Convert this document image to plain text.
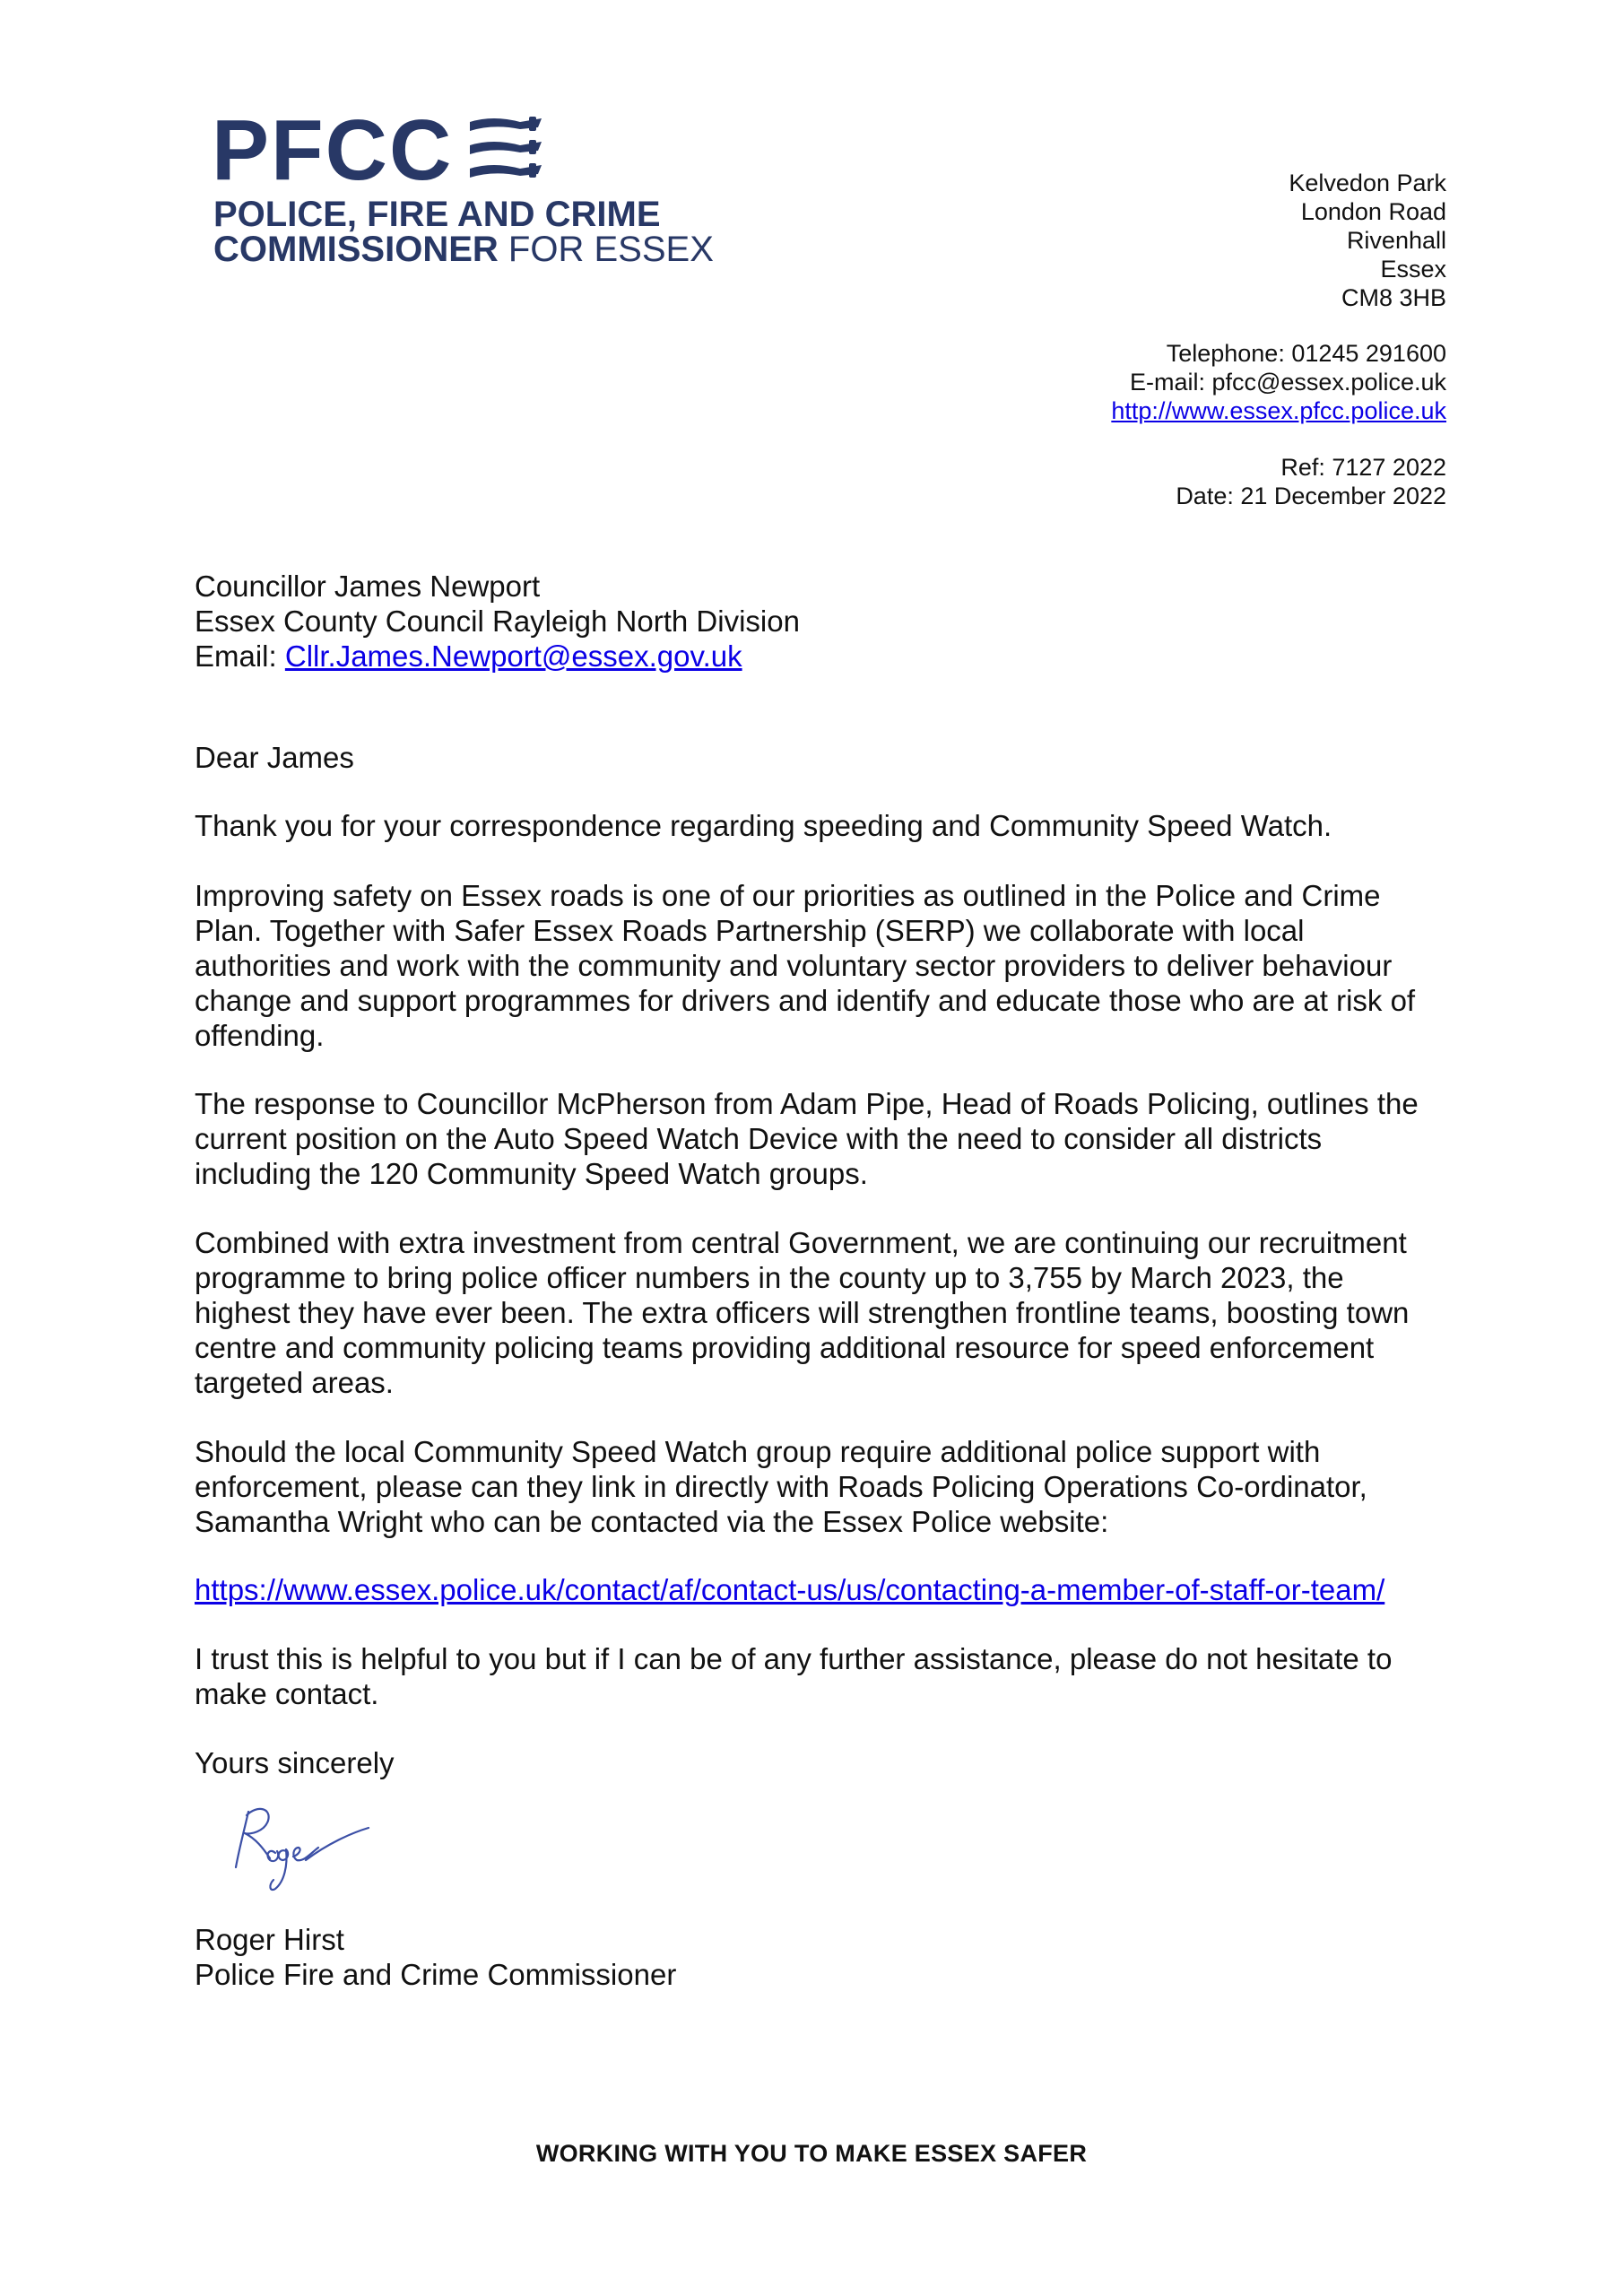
PFCC
POLICE, FIRE AND CRIME
COMMISSIONER FOR ESSEX
Kelvedon Park
London Road
Rivenhall
Essex
CM8 3HB
Telephone: 01245 291600
E-mail: pfcc@essex.police.uk
http://www.essex.pfcc.police.uk
Ref: 7127 2022
Date: 21 December 2022
Councillor James Newport
Essex County Council Rayleigh North Division
Email: Cllr.James.Newport@essex.gov.uk
Dear James
Thank you for your correspondence regarding speeding and Community Speed Watch.

Improving safety on Essex roads is one of our priorities as outlined in the Police and Crime

Plan. Together with Safer Essex Roads Partnership (SERP) we collaborate with local

authorities and work with the community and voluntary sector providers to deliver behaviour

change and support programmes for drivers and identify and educate those who are at risk of

offending.

The response to Councillor McPherson from Adam Pipe, Head of Roads Policing, outlines the

current position on the Auto Speed Watch Device with the need to consider all districts

including the 120 Community Speed Watch groups.

Combined with extra investment from central Government, we are continuing our recruitment

programme to bring police officer numbers in the county up to 3,755 by March 2023, the

highest they have ever been. The extra officers will strengthen frontline teams, boosting town

centre and community policing teams providing additional resource for speed enforcement

targeted areas.

Should the local Community Speed Watch group require additional police support with

enforcement, please can they link in directly with Roads Policing Operations Co-ordinator,

Samantha Wright who can be contacted via the Essex Police website:

https://www.essex.police.uk/contact/af/contact-us/us/contacting-a-member-of-staff-or-team/

I trust this is helpful to you but if I can be of any further assistance, please do not hesitate to

make contact.

Yours sincerely
Roger Hirst
Police Fire and Crime Commissioner
WORKING WITH YOU TO MAKE ESSEX SAFER
